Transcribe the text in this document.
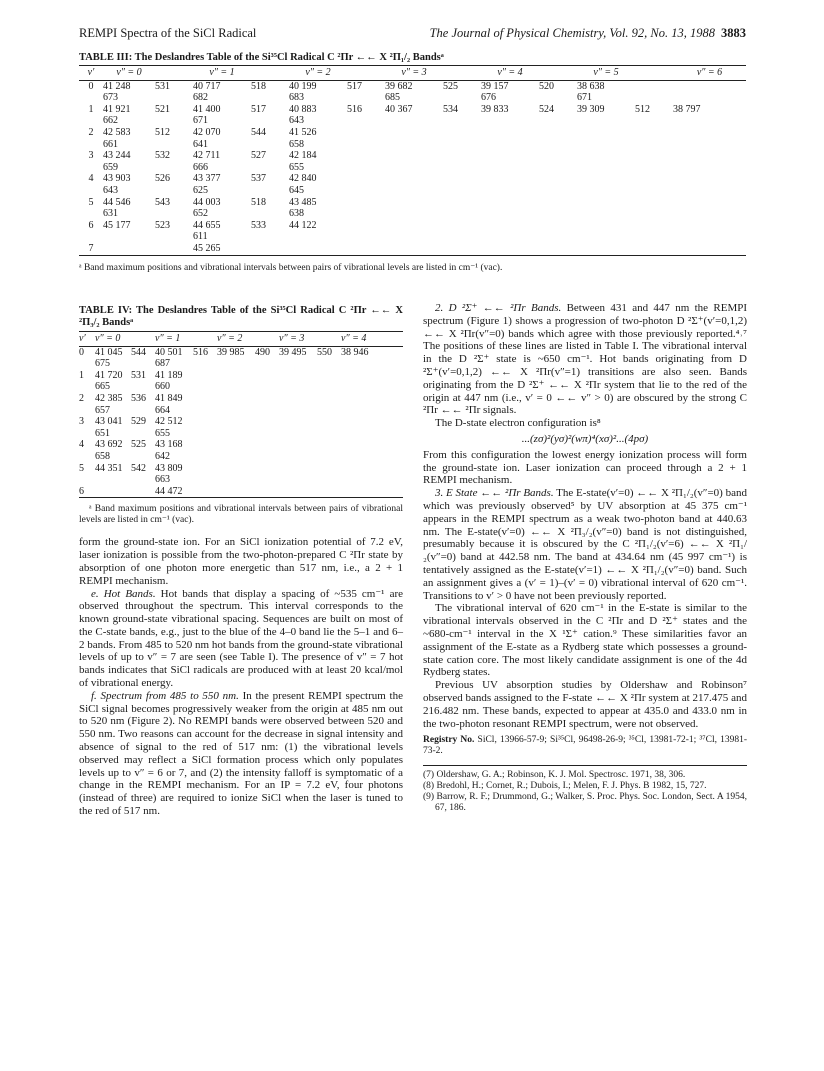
REMPI Spectra of the SiCl Radical	The Journal of Physical Chemistry, Vol. 92, No. 13, 1988 3883
TABLE III: The Deslandres Table of the Si³⁵Cl Radical C ²Πr ←← X ²Π₁/₂ Bandsᵃ
v′	v″ = 0		v″ = 1		v″ = 2		v″ = 3		v″ = 4		v″ = 5		v″ = 6
0	41 248	531	40 717	518	40 199	517	39 682	525	39 157	520	38 638		
	673		682		683		685		676		671		
1	41 921	521	41 400	517	40 883	516	40 367	534	39 833	524	39 309	512	38 797
	662		671		643								
2	42 583	512	42 070	544	41 526								
	661		641		658								
3	43 244	532	42 711	527	42 184								
	659		666		655								
4	43 903	526	43 377	537	42 840								
	643		625		645								
5	44 546	543	44 003	518	43 485								
	631		652		638								
6	45 177	523	44 655	533	44 122								
			611										
7			45 265										
ᵃ Band maximum positions and vibrational intervals between pairs of vibrational levels are listed in cm⁻¹ (vac).
TABLE IV: The Deslandres Table of the Si³⁵Cl Radical C ²Πr ←← X ²Π₃/₂ Bandsᵃ
v′	v″ = 0		v″ = 1		v″ = 2		v″ = 3		v″ = 4
0	41 045	544	40 501	516	39 985	490	39 495	550	38 946
	675		687						
1	41 720	531	41 189						
	665		660						
2	42 385	536	41 849						
	657		664						
3	43 041	529	42 512						
	651		655						
4	43 692	525	43 168						
	658		642						
5	44 351	542	43 809						
			663						
6			44 472						
ᵃ Band maximum positions and vibrational intervals between pairs of vibrational levels are listed in cm⁻¹ (vac).

form the ground-state ion. For an SiCl ionization potential of 7.2 eV, laser ionization is possible from the two-photon-prepared C ²Πr state by absorption of one photon more energetic than 517 nm, i.e., a 2 + 1 REMPI mechanism.

e. Hot Bands. Hot bands that display a spacing of ~535 cm⁻¹ are observed throughout the spectrum. This interval corresponds to the known ground-state vibrational spacing. Sequences are built on most of the C-state bands, e.g., just to the blue of the 4–0 band lie the 5–1 and 6–2 bands. From 485 to 520 nm hot bands from the ground-state vibrational levels of up to v″ = 7 are seen (see Table I). The presence of v″ = 7 hot bands indicates that SiCl radicals are produced with at least 20 kcal/mol of vibrational energy.

f. Spectrum from 485 to 550 nm. In the present REMPI spectrum the SiCl signal becomes progressively weaker from the origin at 485 nm out to 520 nm (Figure 2). No REMPI bands were observed between 520 and 550 nm. Two reasons can account for the decrease in signal intensity and absence of signal to the red of 517 nm: (1) the vibrational levels observed may reflect a SiCl formation process which only populates levels up to v″ = 6 or 7, and (2) the intensity falloff is symptomatic of a change in the REMPI mechanism. For an IP = 7.2 eV, four photons (instead of three) are required to ionize SiCl when the laser is tuned to the red of 517 nm.

2. D ²Σ⁺ ←← ²Πr Bands. Between 431 and 447 nm the REMPI spectrum (Figure 1) shows a progression of two-photon D ²Σ⁺(v′=0,1,2) ←← X ²Πr(v″=0) bands which agree with those previously reported.⁴˒⁷ The positions of these lines are listed in Table I. The vibrational interval in the D ²Σ⁺ state is ~650 cm⁻¹. Hot bands originating from D ²Σ⁺(v′=0,1,2) ←← X ²Πr(v″=1) transitions are also seen. Bands originating from the D ²Σ⁺ ←← X ²Πr system that lie to the red of the origin at 447 nm (i.e., v′ = 0 ←← v″ > 0) are obscured by the strong C ²Πr ←← ²Πr signals.

The D-state electron configuration is⁸

...(zσ)²(yσ)²(wπ)⁴(xσ)²...(4pσ)

From this configuration the lowest energy ionization process will form the ground-state ion. Laser ionization can proceed through a 2 + 1 REMPI mechanism.

3. E State ←← ²Πr Bands. The E-state(v′=0) ←← X ²Π₁/₂(v″=0) band which was previously observed⁵ by UV absorption at 45 375 cm⁻¹ appears in the REMPI spectrum as a weak two-photon band at 440.63 nm. The E-state(v′=0) ←← X ²Π₃/₂(v″=0) band is not distinguished, presumably because it is obscured by the C ²Π₁/₂(v′=6) ←← X ²Π₁/₂(v″=0) band at 442.58 nm. The band at 434.64 nm (45 997 cm⁻¹) is tentatively assigned as the E-state(v′=1) ←← X ²Π₁/₂(v″=0) band. Such an assignment gives a (v′ = 1)–(v′ = 0) vibrational interval of 620 cm⁻¹. Transitions to v′ > 0 have not been previously reported.

The vibrational interval of 620 cm⁻¹ in the E-state is similar to the vibrational intervals observed in the C ²Πr and D ²Σ⁺ states and the ~680-cm⁻¹ interval in the X ¹Σ⁺ cation.⁹ These similarities favor an assignment of the E-state as a Rydberg state which possesses a ground-state cation core. The most likely candidate assignment is one of the 4d Rydberg states.

Previous UV absorption studies by Oldershaw and Robinson⁷ observed bands assigned to the F-state ←← X ²Πr system at 217.475 and 216.482 nm. These bands, expected to appear at 435.0 and 433.0 nm in the two-photon resonant REMPI spectrum, were not observed.

Registry No. SiCl, 13966-57-9; Si³⁵Cl, 96498-26-9; ³⁵Cl, 13981-72-1; ³⁷Cl, 13981-73-2.

(7) Oldershaw, G. A.; Robinson, K. J. Mol. Spectrosc. 1971, 38, 306.
(8) Bredohl, H.; Cornet, R.; Dubois, I.; Melen, F. J. Phys. B 1982, 15, 727.
(9) Barrow, R. F.; Drummond, G.; Walker, S. Proc. Phys. Soc. London, Sect. A 1954, 67, 186.
